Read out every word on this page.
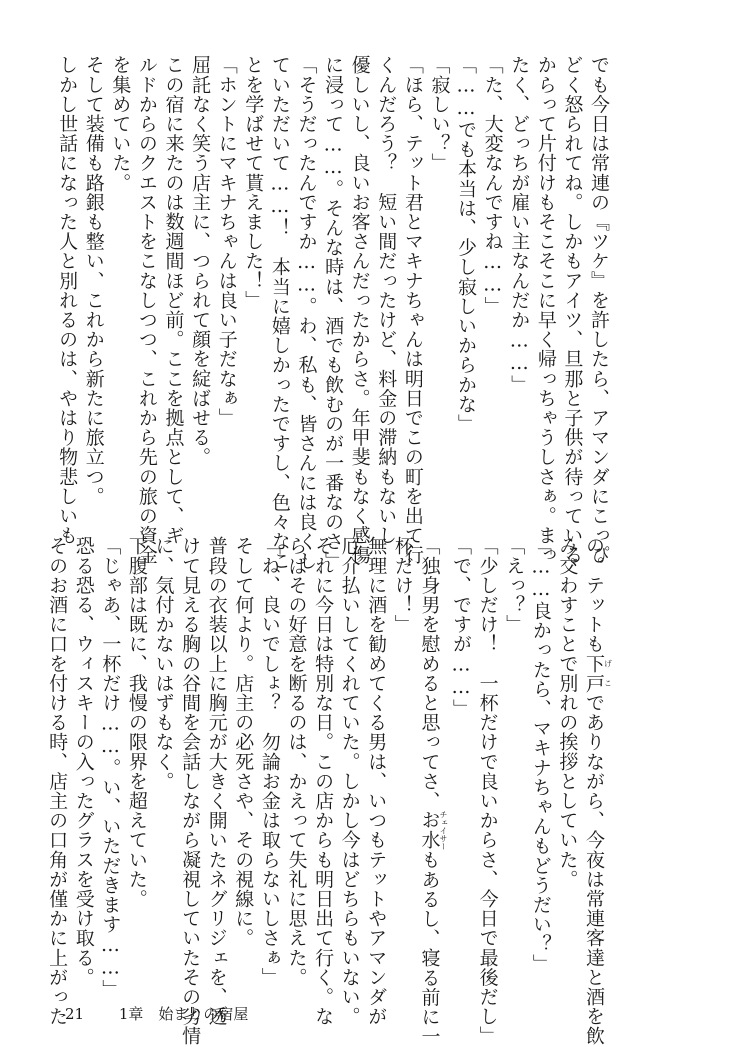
でも今日は常連の『ツケ』を許したら、アマンダにこっぴ
どく怒られてね。しかもアイツ、旦那と子供が待っている
からって片付けもそこそこに早く帰っちゃうしさぁ。まっ
たく、どっちが雇い主なんだか……」
「た、大変なんですね……」
「……でも本当は、少し寂しいからかな」
「寂しい？」
「ほら、テット君とマキナちゃんは明日でこの町を出て行
くんだろう？　短い間だったけど、料金の滞納もないし
優しいし、良いお客さんだったからさ。年甲斐もなく感傷
に浸って……。そんな時は、酒でも飲むのが一番なのさ」
「そうだったんですか……。わ、私も、皆さんには良くし
ていただいて……！　本当に嬉しかったですし、色々なこ
とを学ばせて貰えました！」
「ホントにマキナちゃんは良い子だなぁ」
屈託なく笑う店主に、つられて顔を綻ばせる。
この宿に来たのは数週間ほど前。ここを拠点として、ギ
ルドからのクエストをこなしつつ、これから先の旅の資金
を集めていた。
そして装備も路銀も整い、これから新たに旅立つ。
しかし世話になった人と別れるのは、やはり物悲しいも
の。テットも下戸げこでありながら、今夜は常連客達と酒を飲
み交わすことで別れの挨拶としていた。
「……良かったら、マキナちゃんもどうだい？」
「えっ？」
「少しだけ！　一杯だけで良いからさ、今日で最後だし」
「で、ですが……」
「独身男を慰めると思ってさ、お水チェイサーもあるし、寝る前に一
杯だけ！」
無理に酒を勧めてくる男は、いつもテットやアマンダが
厄介払いしてくれていた。しかし今はどちらもいない。
それに今日は特別な日。この店からも明日出て行く。な
らばその好意を断るのは、かえって失礼に思えた。
「ね、良いでしょ？　勿論お金は取らないしさぁ」
そして何より。店主の必死さや、その視線に。
普段の衣装以上に胸元が大きく開いたネグリジェを、透
けて見える胸の谷間を会話しながら凝視していたその劣情
に、気付かないはずもなく。
下腹部は既に、我慢の限界を超えていた。
「じゃあ、一杯だけ……。い、いただきます……」
恐る恐る、ウィスキーの入ったグラスを受け取る。
そのお酒に口を付ける時、店主の口角が僅かに上がった
21 1章　始まりの宿屋
